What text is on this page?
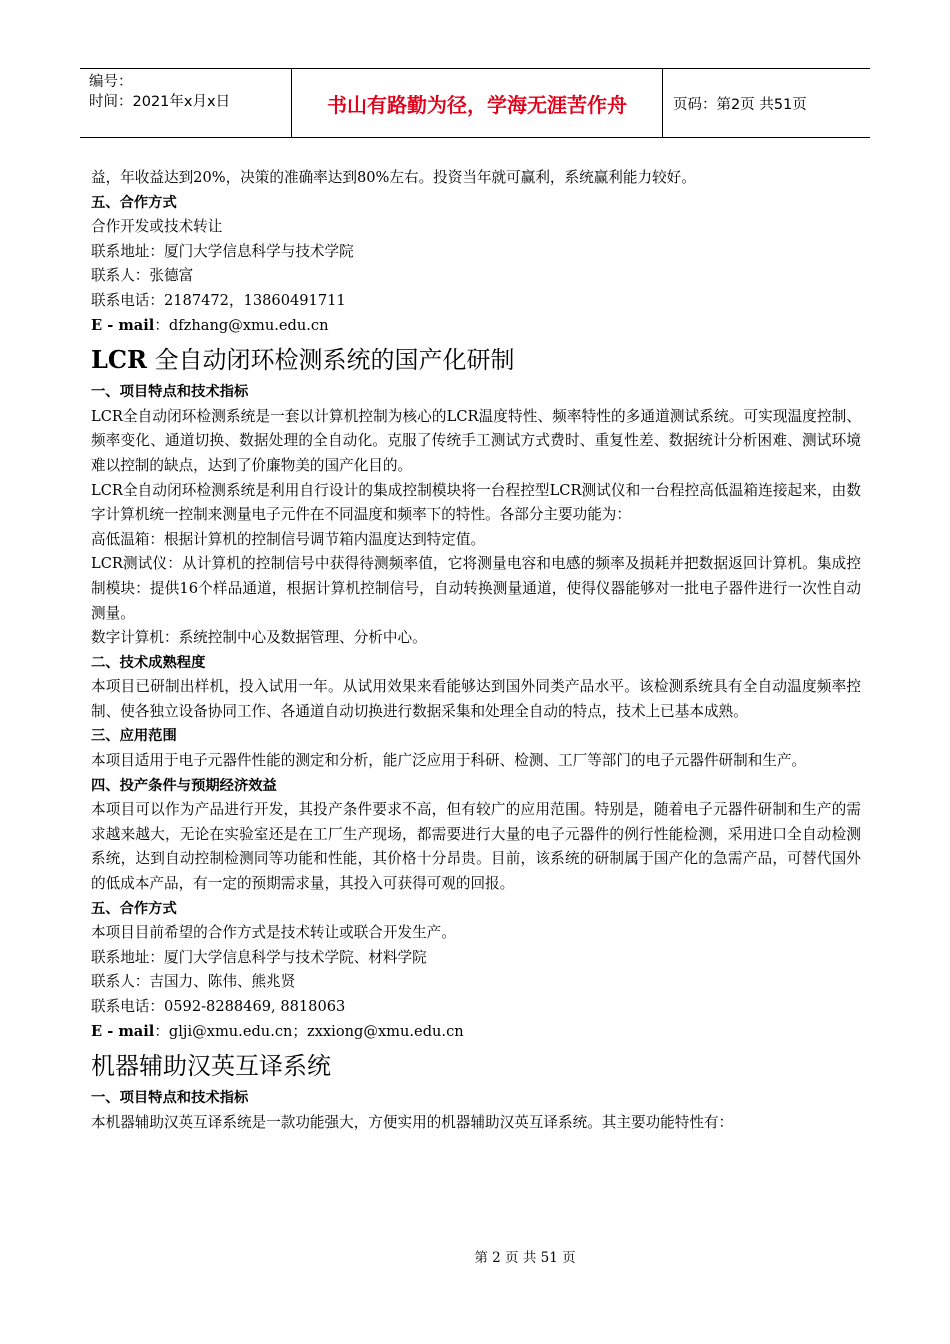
编号：
时间：2021年x月x日	书山有路勤为径，学海无涯苦作舟	页码：第2页 共51页

益，年收益达到20%，决策的准确率达到80%左右。投资当年就可赢利，系统赢利能力较好。

五、合作方式

合作开发或技术转让

联系地址：厦门大学信息科学与技术学院

联系人：张德富

联系电话：2187472，13860491711

E - mail：dfzhang@xmu.edu.cn

LCR 全自动闭环检测系统的国产化研制

一、项目特点和技术指标

LCR全自动闭环检测系统是一套以计算机控制为核心的LCR温度特性、频率特性的多通道测试系统。可实现温度控制、频率变化、通道切换、数据处理的全自动化。克服了传统手工测试方式费时、重复性差、数据统计分析困难、测试环境难以控制的缺点，达到了价廉物美的国产化目的。

LCR全自动闭环检测系统是利用自行设计的集成控制模块将一台程控型LCR测试仪和一台程控高低温箱连接起来，由数字计算机统一控制来测量电子元件在不同温度和频率下的特性。各部分主要功能为：

高低温箱：根据计算机的控制信号调节箱内温度达到特定值。

LCR测试仪：从计算机的控制信号中获得待测频率值，它将测量电容和电感的频率及损耗并把数据返回计算机。集成控制模块：提供16个样品通道，根据计算机控制信号，自动转换测量通道，使得仪器能够对一批电子器件进行一次性自动测量。

数字计算机：系统控制中心及数据管理、分析中心。

二、技术成熟程度

本项目已研制出样机，投入试用一年。从试用效果来看能够达到国外同类产品水平。该检测系统具有全自动温度频率控制、使各独立设备协同工作、各通道自动切换进行数据采集和处理全自动的特点，技术上已基本成熟。

三、应用范围

本项目适用于电子元器件性能的测定和分析，能广泛应用于科研、检测、工厂等部门的电子元器件研制和生产。

四、投产条件与预期经济效益

本项目可以作为产品进行开发，其投产条件要求不高，但有较广的应用范围。特别是，随着电子元器件研制和生产的需求越来越大，无论在实验室还是在工厂生产现场，都需要进行大量的电子元器件的例行性能检测，采用进口全自动检测系统，达到自动控制检测同等功能和性能，其价格十分昂贵。目前，该系统的研制属于国产化的急需产品，可替代国外的低成本产品，有一定的预期需求量，其投入可获得可观的回报。

五、合作方式

本项目目前希望的合作方式是技术转让或联合开发生产。

联系地址：厦门大学信息科学与技术学院、材料学院

联系人：吉国力、陈伟、熊兆贤

联系电话：0592-8288469, 8818063

E - mail：glji@xmu.edu.cn；zxxiong@xmu.edu.cn

机器辅助汉英互译系统

一、项目特点和技术指标

本机器辅助汉英互译系统是一款功能强大，方便实用的机器辅助汉英互译系统。其主要功能特性有：

第 2 页 共 51 页
